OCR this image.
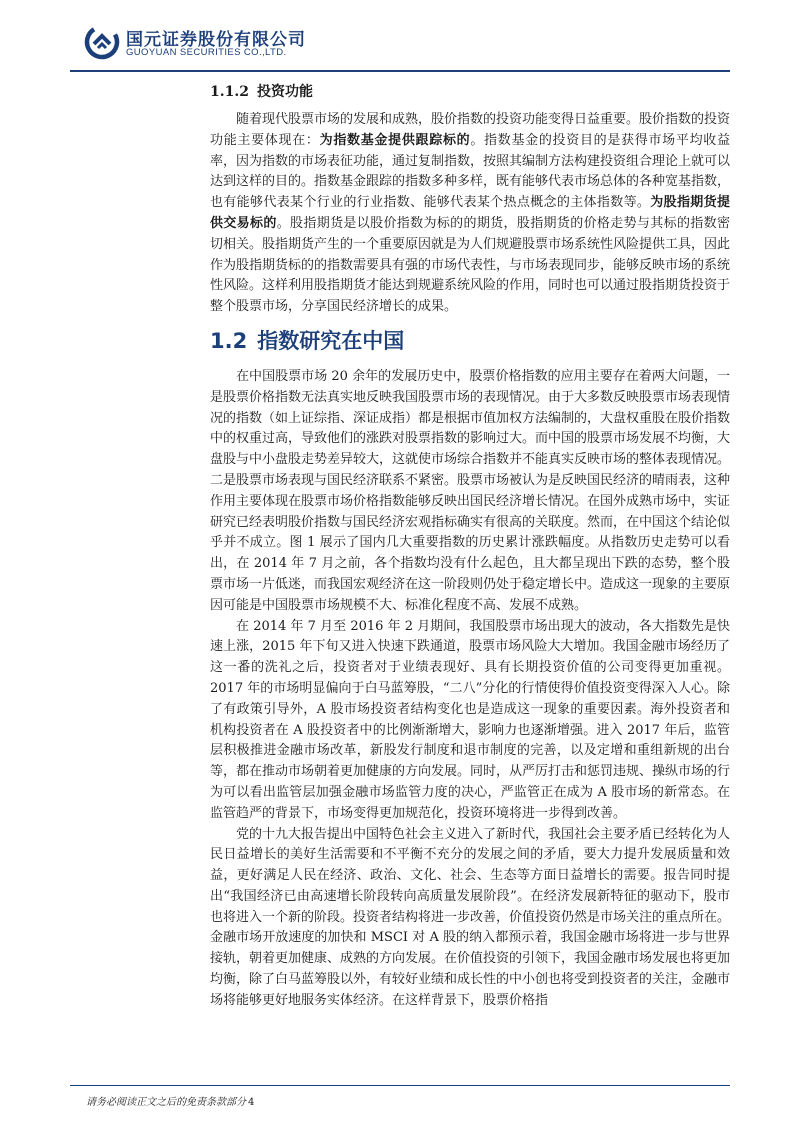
国元证券股份有限公司
GUOYUAN SECURITIES CO.,LTD.
1.1.2 投资功能

随着现代股票市场的发展和成熟，股价指数的投资功能变得日益重要。股价指数的投资功能主要体现在：为指数基金提供跟踪标的。指数基金的投资目的是获得市场平均收益率，因为指数的市场表征功能，通过复制指数，按照其编制方法构建投资组合理论上就可以达到这样的目的。指数基金跟踪的指数多种多样，既有能够代表市场总体的各种宽基指数，也有能够代表某个行业的行业指数、能够代表某个热点概念的主体指数等。为股指期货提供交易标的。股指期货是以股价指数为标的的期货，股指期货的价格走势与其标的指数密切相关。股指期货产生的一个重要原因就是为人们规避股票市场系统性风险提供工具，因此作为股指期货标的的指数需要具有强的市场代表性，与市场表现同步，能够反映市场的系统性风险。这样利用股指期货才能达到规避系统风险的作用，同时也可以通过股指期货投资于整个股票市场，分享国民经济增长的成果。

1.2 指数研究在中国

在中国股票市场 20 余年的发展历史中，股票价格指数的应用主要存在着两大问题，一是股票价格指数无法真实地反映我国股票市场的表现情况。由于大多数反映股票市场表现情况的指数（如上证综指、深证成指）都是根据市值加权方法编制的，大盘权重股在股价指数中的权重过高，导致他们的涨跌对股票指数的影响过大。而中国的股票市场发展不均衡，大盘股与中小盘股走势差异较大，这就使市场综合指数并不能真实反映市场的整体表现情况。二是股票市场表现与国民经济联系不紧密。股票市场被认为是反映国民经济的晴雨表，这种作用主要体现在股票市场价格指数能够反映出国民经济增长情况。在国外成熟市场中，实证研究已经表明股价指数与国民经济宏观指标确实有很高的关联度。然而，在中国这个结论似乎并不成立。图 1 展示了国内几大重要指数的历史累计涨跌幅度。从指数历史走势可以看出，在 2014 年 7 月之前，各个指数均没有什么起色，且大都呈现出下跌的态势，整个股票市场一片低迷，而我国宏观经济在这一阶段则仍处于稳定增长中。造成这一现象的主要原因可能是中国股票市场规模不大、标准化程度不高、发展不成熟。

在 2014 年 7 月至 2016 年 2 月期间，我国股票市场出现大的波动，各大指数先是快速上涨，2015 年下旬又进入快速下跌通道，股票市场风险大大增加。我国金融市场经历了这一番的洗礼之后，投资者对于业绩表现好、具有长期投资价值的公司变得更加重视。2017 年的市场明显偏向于白马蓝筹股，“二八”分化的行情使得价值投资变得深入人心。除了有政策引导外，A 股市场投资者结构变化也是造成这一现象的重要因素。海外投资者和机构投资者在 A 股投资者中的比例渐渐增大，影响力也逐渐增强。进入 2017 年后，监管层积极推进金融市场改革，新股发行制度和退市制度的完善，以及定增和重组新规的出台等，都在推动市场朝着更加健康的方向发展。同时，从严厉打击和惩罚违规、操纵市场的行为可以看出监管层加强金融市场监管力度的决心，严监管正在成为 A 股市场的新常态。在监管趋严的背景下，市场变得更加规范化，投资环境将进一步得到改善。

党的十九大报告提出中国特色社会主义进入了新时代，我国社会主要矛盾已经转化为人民日益增长的美好生活需要和不平衡不充分的发展之间的矛盾，要大力提升发展质量和效益，更好满足人民在经济、政治、文化、社会、生态等方面日益增长的需要。报告同时提出“我国经济已由高速增长阶段转向高质量发展阶段”。在经济发展新特征的驱动下，股市也将进入一个新的阶段。投资者结构将进一步改善，价值投资仍然是市场关注的重点所在。金融市场开放速度的加快和 MSCI 对 A 股的纳入都预示着，我国金融市场将进一步与世界接轨，朝着更加健康、成熟的方向发展。在价值投资的引领下，我国金融市场发展也将更加均衡，除了白马蓝筹股以外，有较好业绩和成长性的中小创也将受到投资者的关注，金融市场将能够更好地服务实体经济。在这样背景下，股票价格指

请务必阅读正文之后的免责条款部分 4
